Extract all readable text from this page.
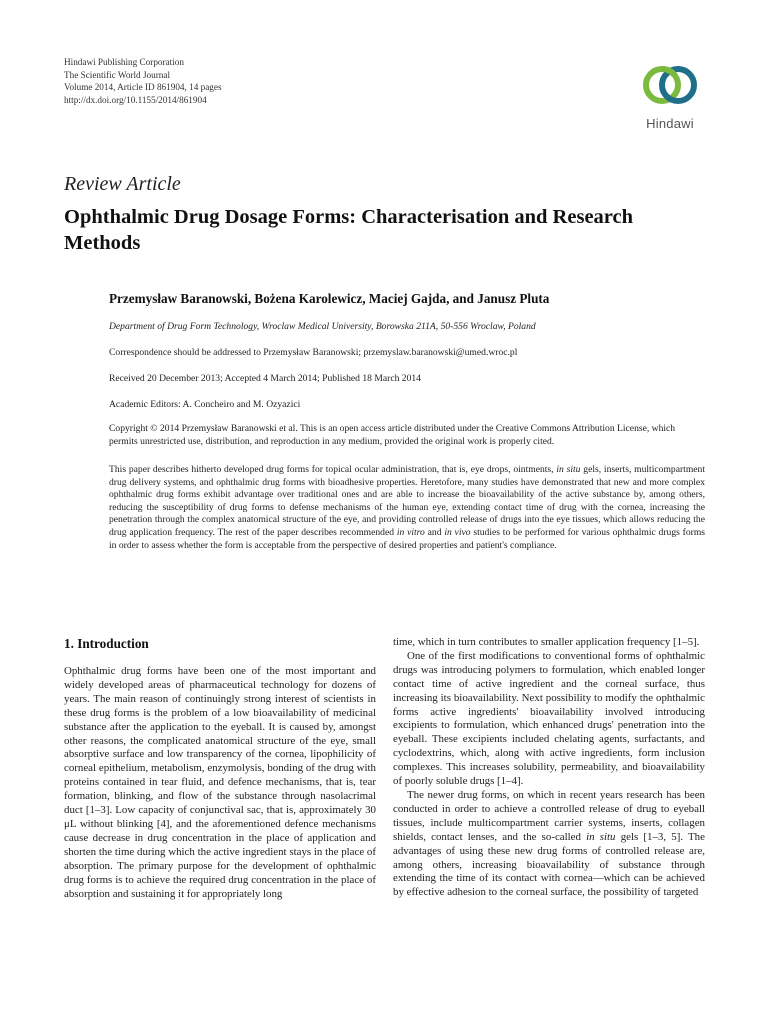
Hindawi Publishing Corporation
The Scientific World Journal
Volume 2014, Article ID 861904, 14 pages
http://dx.doi.org/10.1155/2014/861904
Hindawi
Review Article
Ophthalmic Drug Dosage Forms: Characterisation and Research Methods
Przemysław Baranowski, Bożena Karolewicz, Maciej Gajda, and Janusz Pluta
Department of Drug Form Technology, Wroclaw Medical University, Borowska 211A, 50-556 Wroclaw, Poland
Correspondence should be addressed to Przemysław Baranowski; przemyslaw.baranowski@umed.wroc.pl
Received 20 December 2013; Accepted 4 March 2014; Published 18 March 2014
Academic Editors: A. Concheiro and M. Ozyazici

Copyright © 2014 Przemysław Baranowski et al. This is an open access article distributed under the Creative Commons Attribution License, which permits unrestricted use, distribution, and reproduction in any medium, provided the original work is properly cited.

This paper describes hitherto developed drug forms for topical ocular administration, that is, eye drops, ointments, in situ gels, inserts, multicompartment drug delivery systems, and ophthalmic drug forms with bioadhesive properties. Heretofore, many studies have demonstrated that new and more complex ophthalmic drug forms exhibit advantage over traditional ones and are able to increase the bioavailability of the active substance by, among others, reducing the susceptibility of drug forms to defense mechanisms of the human eye, extending contact time of drug with the cornea, increasing the penetration through the complex anatomical structure of the eye, and providing controlled release of drugs into the eye tissues, which allows reducing the drug application frequency. The rest of the paper describes recommended in vitro and in vivo studies to be performed for various ophthalmic drugs forms in order to assess whether the form is acceptable from the perspective of desired properties and patient's compliance.

1. Introduction

Ophthalmic drug forms have been one of the most important and widely developed areas of pharmaceutical technology for dozens of years. The main reason of continuingly strong interest of scientists in these drug forms is the problem of a low bioavailability of medicinal substance after the application to the eyeball. It is caused by, amongst other reasons, the complicated anatomical structure of the eye, small absorptive surface and low transparency of the cornea, lipophilicity of corneal epithelium, metabolism, enzymolysis, bonding of the drug with proteins contained in tear fluid, and defence mechanisms, that is, tear formation, blinking, and flow of the substance through nasolacrimal duct [1–3]. Low capacity of conjunctival sac, that is, approximately 30 μL without blinking [4], and the aforementioned defence mechanisms cause decrease in drug concentration in the place of application and shorten the time during which the active ingredient stays in the place of absorption. The primary purpose for the development of ophthalmic drug forms is to achieve the required drug concentration in the place of absorption and sustaining it for appropriately long

time, which in turn contributes to smaller application frequency [1–5].

One of the first modifications to conventional forms of ophthalmic drugs was introducing polymers to formulation, which enabled longer contact time of active ingredient and the corneal surface, thus increasing its bioavailability. Next possibility to modify the ophthalmic forms active ingredients' bioavailability involved introducing excipients to formulation, which enhanced drugs' penetration into the eyeball. These excipients included chelating agents, surfactants, and cyclodextrins, which, along with active ingredients, form inclusion complexes. This increases solubility, permeability, and bioavailability of poorly soluble drugs [1–4].

The newer drug forms, on which in recent years research has been conducted in order to achieve a controlled release of drug to eyeball tissues, include multicompartment carrier systems, inserts, collagen shields, contact lenses, and the so-called in situ gels [1–3, 5]. The advantages of using these new drug forms of controlled release are, among others, increasing bioavailability of substance through extending the time of its contact with cornea—which can be achieved by effective adhesion to the corneal surface, the possibility of targeted
